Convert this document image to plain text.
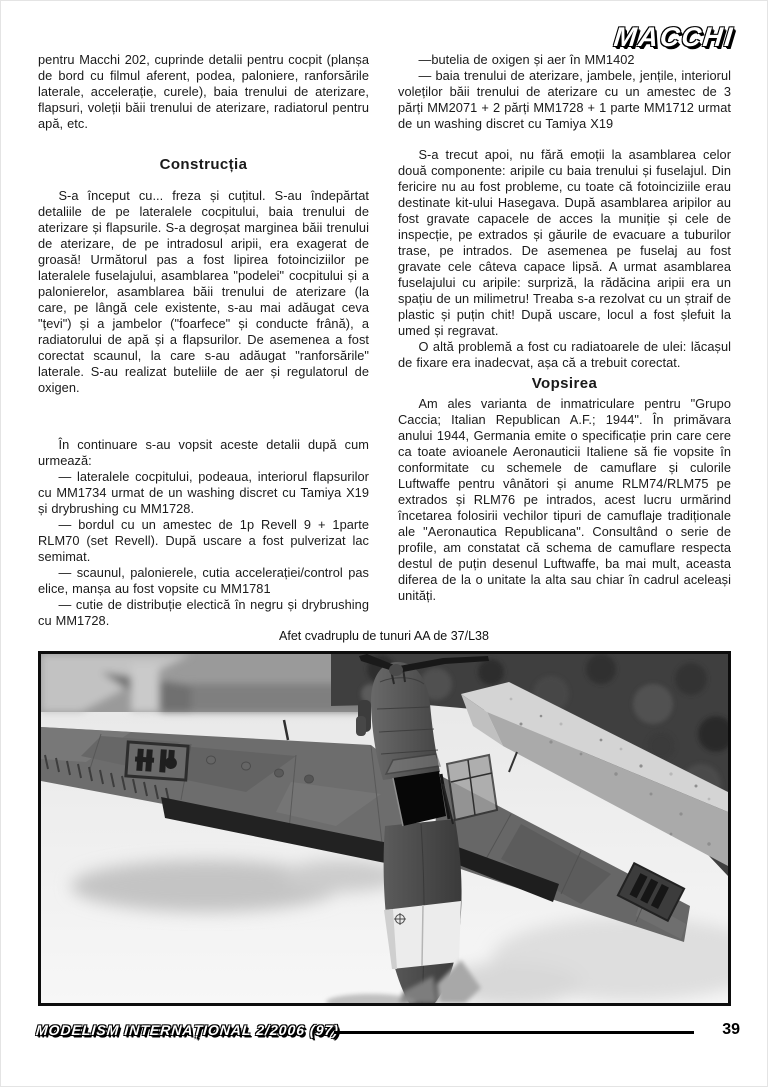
MACCHI

pentru Macchi 202, cuprinde detalii pentru cocpit (planșa de bord cu filmul aferent, podea, paloniere, ranforsările laterale, accelerație, curele), baia trenului de aterizare, flapsuri, voleții băii trenului de aterizare, radiatorul pentru apă, etc.

Construcția

S-a început cu... freza și cuțitul. S-au îndepărtat detaliile de pe lateralele cocpitului, baia trenului de aterizare și flapsurile. S-a degroșat marginea băii trenului de aterizare, de pe intradosul aripii, era exagerat de groasă! Următorul pas a fost lipirea fotoinciziilor pe lateralele fuselajului, asamblarea "podelei" cocpitului și a palonierelor, asamblarea băii trenului de aterizare (la care, pe lângă cele existente, s-au mai adăugat ceva "țevi") și a jambelor ("foarfece" și conducte frână), a radiatorului de apă și a flapsurilor. De asemenea a fost corectat scaunul, la care s-au adăugat "ranforsările" laterale. S-au realizat buteliile de aer și regulatorul de oxigen.

În continuare s-au vopsit aceste detalii după cum urmează:

— lateralele cocpitului, podeaua, interiorul flapsurilor cu MM1734 urmat de un washing discret cu Tamiya X19 și drybrushing cu MM1728.

— bordul cu un amestec de 1p Revell 9 + 1parte RLM70 (set Revell). După uscare a fost pulverizat lac semimat.

— scaunul, palonierele, cutia accelerației/control pas elice, manșa au fost vopsite cu MM1781

— cutie de distribuție electică în negru și drybrushing cu MM1728.

—butelia de oxigen și aer în MM1402

— baia trenului de aterizare, jambele, jențile, interiorul voleților băii trenului de aterizare cu un amestec de 3 părți MM2071 + 2 părți MM1728 + 1 parte MM1712 urmat de un washing discret cu Tamiya X19

S-a trecut apoi, nu fără emoții la asamblarea celor două componente: aripile cu baia trenului și fuselajul. Din fericire nu au fost probleme, cu toate că fotoinciziile erau destinate kit-ului Hasegava. După asamblarea aripilor au fost gravate capacele de acces la muniție și cele de inspecție, pe extrados și găurile de evacuare a tuburilor trase, pe intrados. De asemenea pe fuselaj au fost gravate cele câteva capace lipsă. A urmat asamblarea fuselajului cu aripile: surpriză, la rădăcina aripii era un spațiu de un milimetru! Treaba s-a rezolvat cu un ștraif de plastic și puțin chit! După uscare, locul a fost șlefuit la umed și regravat.

O altă problemă a fost cu radiatoarele de ulei: lăcașul de fixare era inadecvat, așa că a trebuit corectat.

Vopsirea

Am ales varianta de inmatriculare pentru "Grupo Caccia; Italian Republican A.F.; 1944". În primăvara anului 1944, Germania emite o specificație prin care cere ca toate avioanele Aeronauticii Italiene să fie vopsite în conformitate cu schemele de camuflare și culorile Luftwaffe pentru vânători și anume RLM74/RLM75 pe extrados și RLM76 pe intrados, acest lucru urmărind încetarea folosirii vechilor tipuri de camuflaje tradiționale ale "Aeronautica Republicana". Consultând o serie de profile, am constatat că schema de camuflare respecta destul de puțin desenul Luftwaffe, ba mai mult, aceasta diferea de la o unitate la alta sau chiar în cadrul aceleași unități.

Afet cvadruplu de tunuri AA de 37/L38
MODELISM INTERNAȚIONAL 2/2006 (97)	39
